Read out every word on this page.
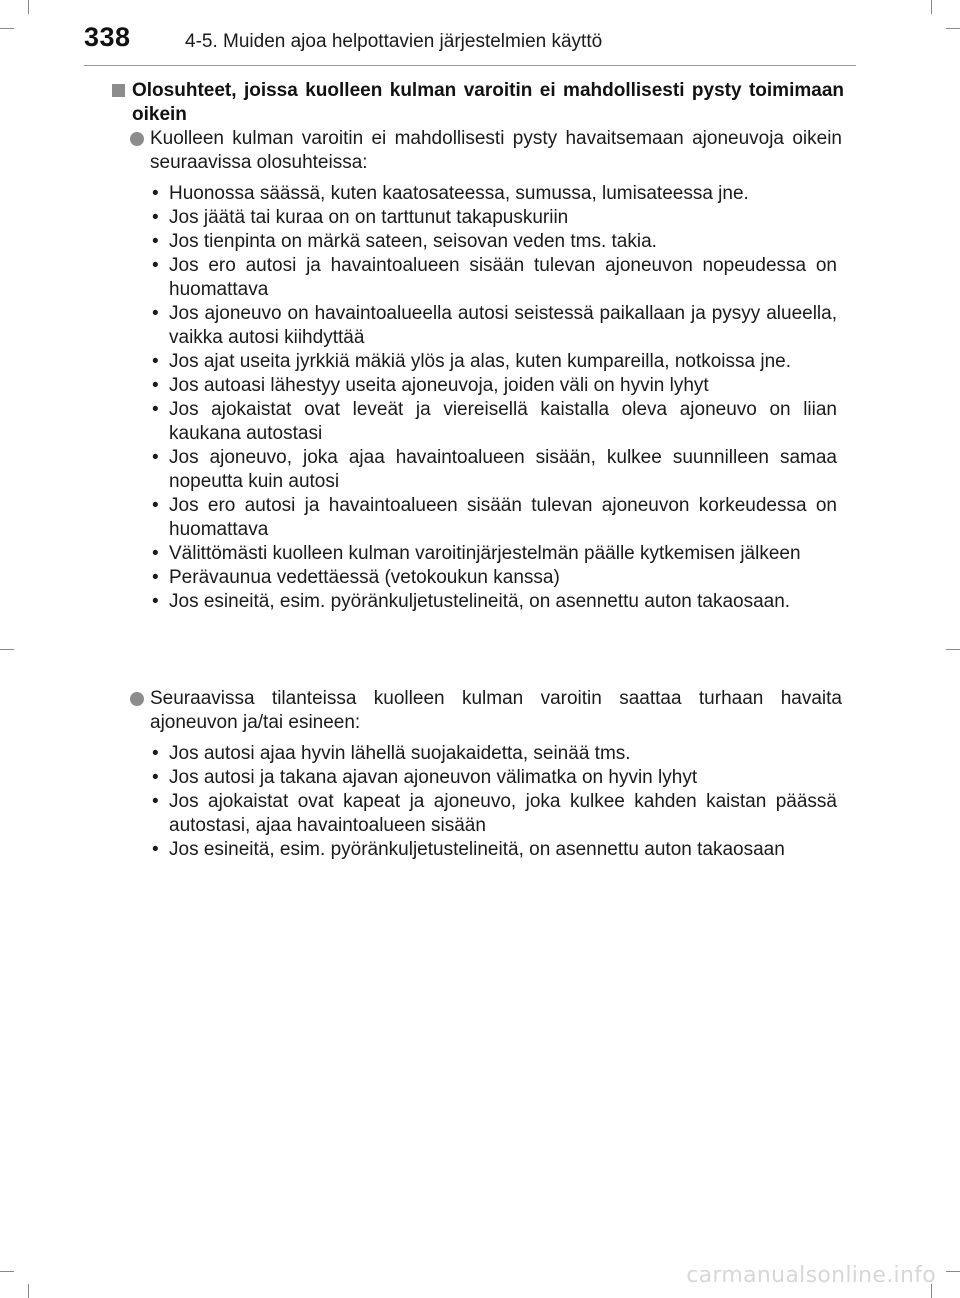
338	4-5. Muiden ajoa helpottavien järjestelmien käyttö
Olosuhteet, joissa kuolleen kulman varoitin ei mahdollisesti pysty toimimaan oikein
Kuolleen kulman varoitin ei mahdollisesti pysty havaitsemaan ajoneuvoja oikein seuraavissa olosuhteissa:
• Huonossa säässä, kuten kaatosateessa, sumussa, lumisateessa jne.
• Jos jäätä tai kuraa on on tarttunut takapuskuriin
• Jos tienpinta on märkä sateen, seisovan veden tms. takia.
• Jos ero autosi ja havaintoalueen sisään tulevan ajoneuvon nopeudessa on huomattava
• Jos ajoneuvo on havaintoalueella autosi seistessä paikallaan ja pysyy alueella, vaikka autosi kiihdyttää
• Jos ajat useita jyrkkiä mäkiä ylös ja alas, kuten kumpareilla, notkoissa jne.
• Jos autoasi lähestyy useita ajoneuvoja, joiden väli on hyvin lyhyt
• Jos ajokaistat ovat leveät ja viereisellä kaistalla oleva ajoneuvo on liian kaukana autostasi
• Jos ajoneuvo, joka ajaa havaintoalueen sisään, kulkee suunnilleen samaa nopeutta kuin autosi
• Jos ero autosi ja havaintoalueen sisään tulevan ajoneuvon korkeudessa on huomattava
• Välittömästi kuolleen kulman varoitinjärjestelmän päälle kytkemisen jälkeen
• Perävaunua vedettäessä (vetokoukun kanssa)
• Jos esineitä, esim. pyöränkuljetustelineitä, on asennettu auton takaosaan.
Seuraavissa tilanteissa kuolleen kulman varoitin saattaa turhaan havaita ajoneuvon ja/tai esineen:
• Jos autosi ajaa hyvin lähellä suojakaidetta, seinää tms.
• Jos autosi ja takana ajavan ajoneuvon välimatka on hyvin lyhyt
• Jos ajokaistat ovat kapeat ja ajoneuvo, joka kulkee kahden kaistan päässä autostasi, ajaa havaintoalueen sisään
• Jos esineitä, esim. pyöränkuljetustelineitä, on asennettu auton takaosaan
carmanualsonline.info
